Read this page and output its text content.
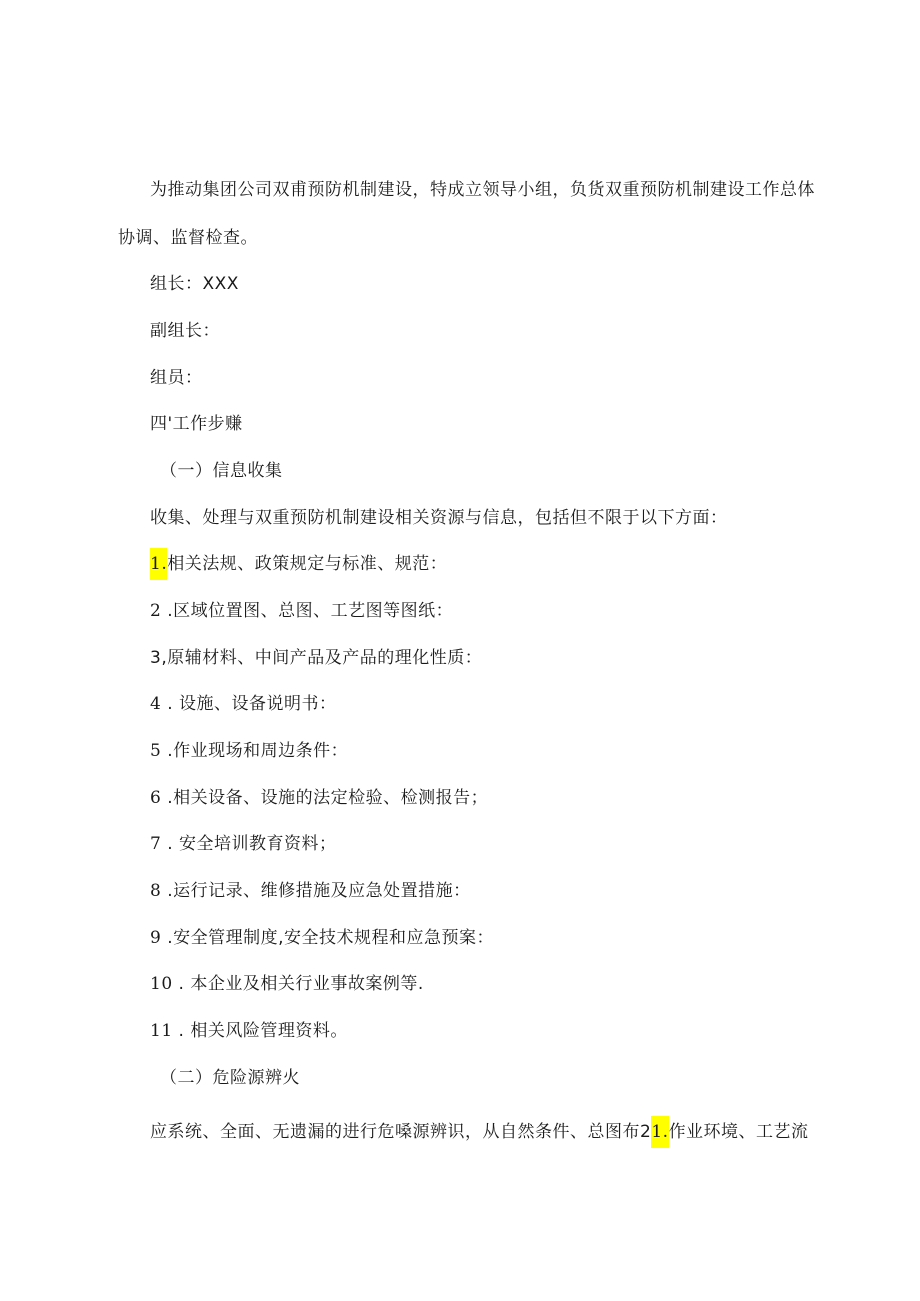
为推动集团公司双甫预防机制建设，特成立领导小组，负货双重预防机制建设工作总体
协调、监督检查。
组长：XXX
副组长：
组员：
四'工作步赚
（一）信息收集
收集、处理与双重预防机制建设相关资源与信息，包括但不限于以下方面：
1.相关法规、政策规定与标准、规范：
2 .区域位置图、总图、工艺图等图纸：
3,原辅材料、中间产品及产品的理化性质：
4 . 设施、设备说明书：
5 .作业现场和周边条件：
6 .相关设备、设施的法定检验、检测报告；
7 . 安全培训教育资料；
8 .运行记录、维修措施及应急处置措施：
9 .安全管理制度,安全技术规程和应急预案：
10 . 本企业及相关行业事故案例等.
11 . 相关风险管理资料。
（二）危险源辨火
应系统、全面、无遗漏的进行危嗓源辨识，从自然条件、总图布21.作业环境、工艺流
